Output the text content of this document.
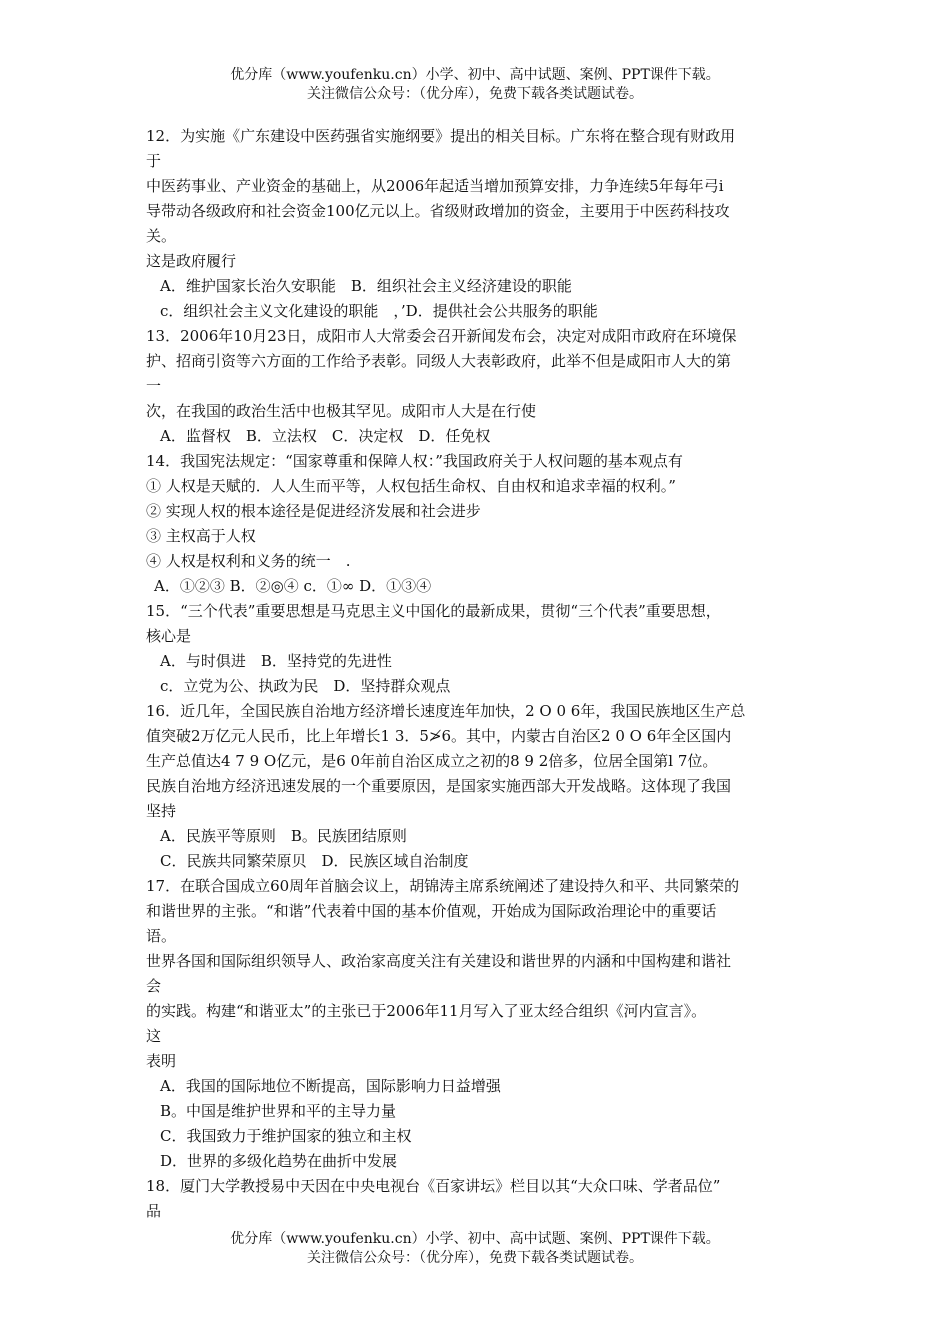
优分库（www.youfenku.cn）小学、初中、高中试题、案例、PPT课件下载。
关注微信公众号：（优分库），免费下载各类试题试卷。
12．为实施《广东建设中医药强省实施纲要》提出的相关目标。广东将在整合现有财政用
于
中医药事业、产业资金的基础上，从2006年起适当增加预算安排，力争连续5年每年弓i
导带动各级政府和社会资金100亿元以上。省级财政增加的资金，主要用于中医药科技攻
关。
这是政府履行
A．维护国家长治久安职能　B．组织社会主义经济建设的职能
c．组织社会主义文化建设的职能　，’D．提供社会公共服务的职能
13．2006年10月23日，成阳市人大常委会召开新闻发布会，决定对成阳市政府在环境保
护、招商引资等六方面的工作给予表彰。同级人大表彰政府，此举不但是咸阳市人大的第
一
次，在我国的政治生活中也极其罕见。成阳市人大是在行使
A．监督权　B．立法权　C．决定权　D．任免权
14．我国宪法规定：“国家尊重和保障人权：”我国政府关于人权问题的基本观点有
① 人权是天赋的．人人生而平等，人权包括生命权、自由权和追求幸福的权利。”
② 实现人权的根本途径是促进经济发展和社会进步
③ 主权高于人权
④ 人权是权利和义务的统一　.
A．①②③ B．②◎④ c．①∞ D．①③④
15．“三个代表”重要思想是马克思主义中国化的最新成果，贯彻“三个代表”重要思想，
核心是
A．与时俱进　B．坚持党的先进性
c．立党为公、执政为民　D．坚持群众观点
16．近几年，全国民族自治地方经济增长速度连年加快，2 O 0 6年，我国民族地区生产总
值突破2万亿元人民币，比上年增长1 3．5≯6。其中，内蒙古自治区2 0 O 6年全区国内
生产总值达4 7 9 O亿元，是6 0年前自治区成立之初的8 9 2倍多，位居全国第l 7位。
民族自治地方经济迅速发展的一个重要原因，是国家实施西部大开发战略。这体现了我国
坚持
A．民族平等原则　B。民族团结原则
C．民族共同繁荣原贝　D．民族区域自治制度
17．在联合国成立60周年首脑会议上，胡锦涛主席系统阐述了建设持久和平、共同繁荣的
和谐世界的主张。“和谐”代表着中国的基本价值观，开始成为国际政治理论中的重要话
语。
世界各国和国际组织领导人、政治家高度关注有关建设和谐世界的内涵和中国构建和谐社
会
的实践。构建“和谐亚太”的主张已于2006年11月写入了亚太经合组织《河内宣言》。
这
表明
A．我国的国际地位不断提高，国际影响力日益增强
B。中国是维护世界和平的主导力量
C．我国致力于维护国家的独立和主权
D．世界的多级化趋势在曲折中发展
18．厦门大学教授易中天因在中央电视台《百家讲坛》栏目以其“大众口味、学者品位”
品
优分库（www.youfenku.cn）小学、初中、高中试题、案例、PPT课件下载。
关注微信公众号：（优分库），免费下载各类试题试卷。
